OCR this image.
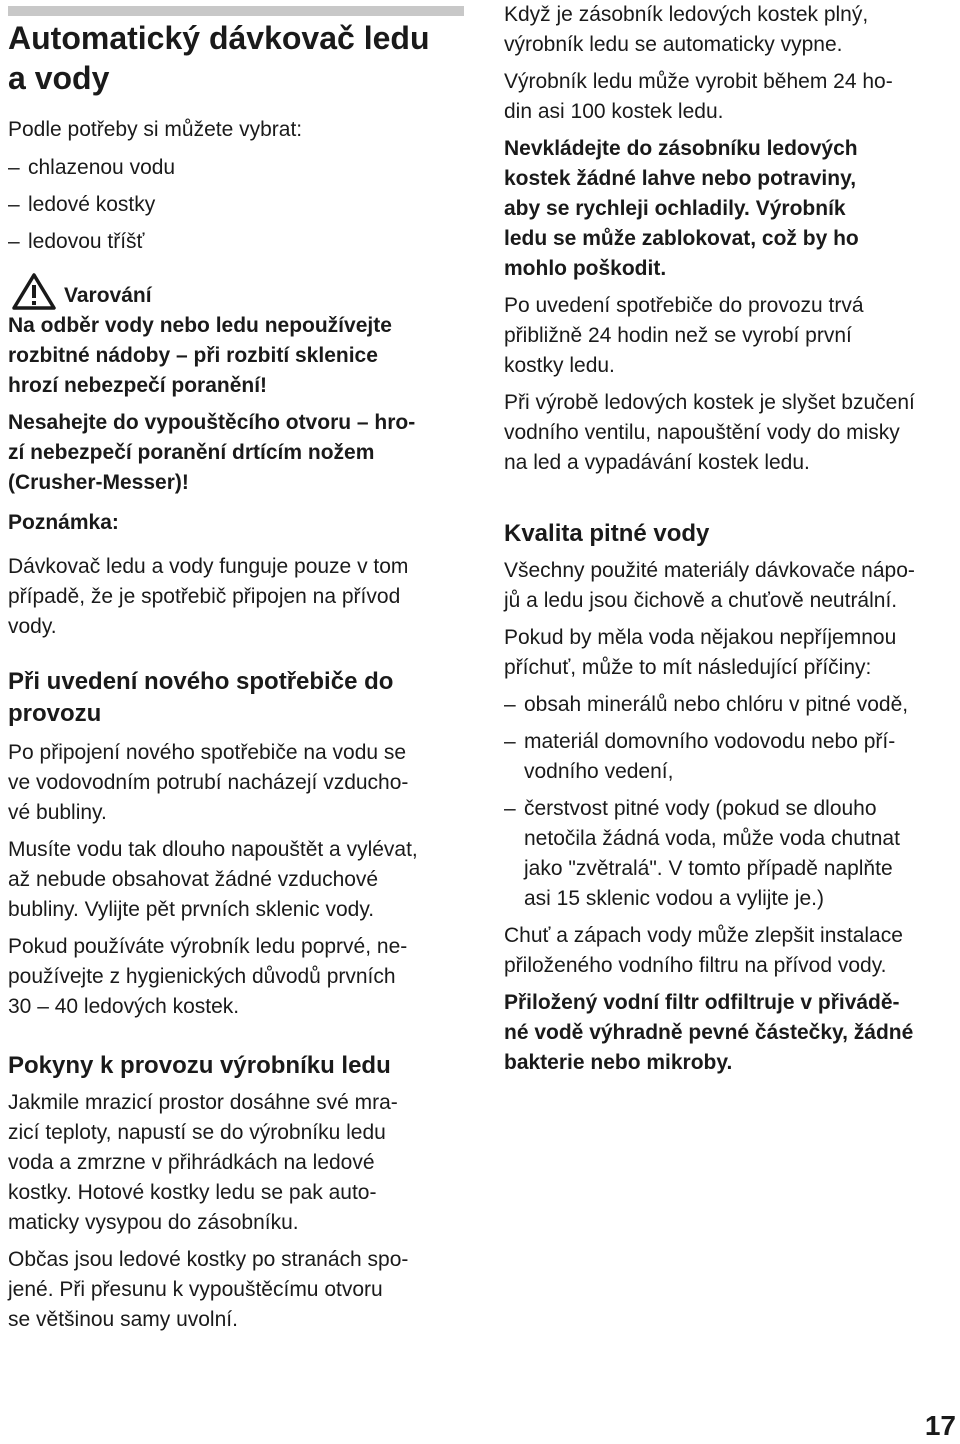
Automatický dávkovač ledu
a vody

Podle potřeby si můžete vybrat:

– chlazenou vodu
– ledové kostky
– ledovou tříšť
Varování

Na odběr vody nebo ledu nepoužívejte
rozbitné nádoby – při rozbití sklenice
hrozí nebezpečí poranění!

Nesahejte do vypouštěcího otvoru – hro-
zí nebezpečí poranění drtícím nožem
(Crusher-Messer)!

Poznámka:

Dávkovač ledu a vody funguje pouze v tom
případě, že je spotřebič připojen na přívod
vody.

Při uvedení nového spotřebiče do
provozu

Po připojení nového spotřebiče na vodu se
ve vodovodním potrubí nacházejí vzducho-
vé bubliny.

Musíte vodu tak dlouho napouštět a vylévat,
až nebude obsahovat žádné vzduchové
bubliny. Vylijte pět prvních sklenic vody.

Pokud používáte výrobník ledu poprvé, ne-
používejte z hygienických důvodů prvních
30 – 40 ledových kostek.

Pokyny k provozu výrobníku ledu

Jakmile mrazicí prostor dosáhne své mra-
zicí teploty, napustí se do výrobníku ledu
voda a zmrzne v přihrádkách na ledové
kostky. Hotové kostky ledu se pak auto-
maticky vysypou do zásobníku.

Občas jsou ledové kostky po stranách spo-
jené. Při přesunu k vypouštěcímu otvoru
se většinou samy uvolní.

Když je zásobník ledových kostek plný,
výrobník ledu se automaticky vypne.

Výrobník ledu může vyrobit během 24 ho-
din asi 100 kostek ledu.

Nevkládejte do zásobníku ledových
kostek žádné lahve nebo potraviny,
aby se rychleji ochladily. Výrobník
ledu se může zablokovat, což by ho
mohlo poškodit.

Po uvedení spotřebiče do provozu trvá
přibližně 24 hodin než se vyrobí první
kostky ledu.

Při výrobě ledových kostek je slyšet bzučení
vodního ventilu, napouštění vody do misky
na led a vypadávání kostek ledu.

Kvalita pitné vody

Všechny použité materiály dávkovače nápo-
jů a ledu jsou čichově a chuťově neutrální.

Pokud by měla voda nějakou nepříjemnou
příchuť, může to mít následující příčiny:

– obsah minerálů nebo chlóru v pitné vodě,
– materiál domovního vodovodu nebo pří-
vodního vedení,
– čerstvost pitné vody (pokud se dlouho
netočila žádná voda, může voda chutnat
jako "zvětralá". V tomto případě naplňte
asi 15 sklenic vodou a vylijte je.)

Chuť a zápach vody může zlepšit instalace
přiloženého vodního filtru na přívod vody.

Přiložený vodní filtr odfiltruje v přivádě-
né vodě výhradně pevné částečky, žádné
bakterie nebo mikroby.

17
